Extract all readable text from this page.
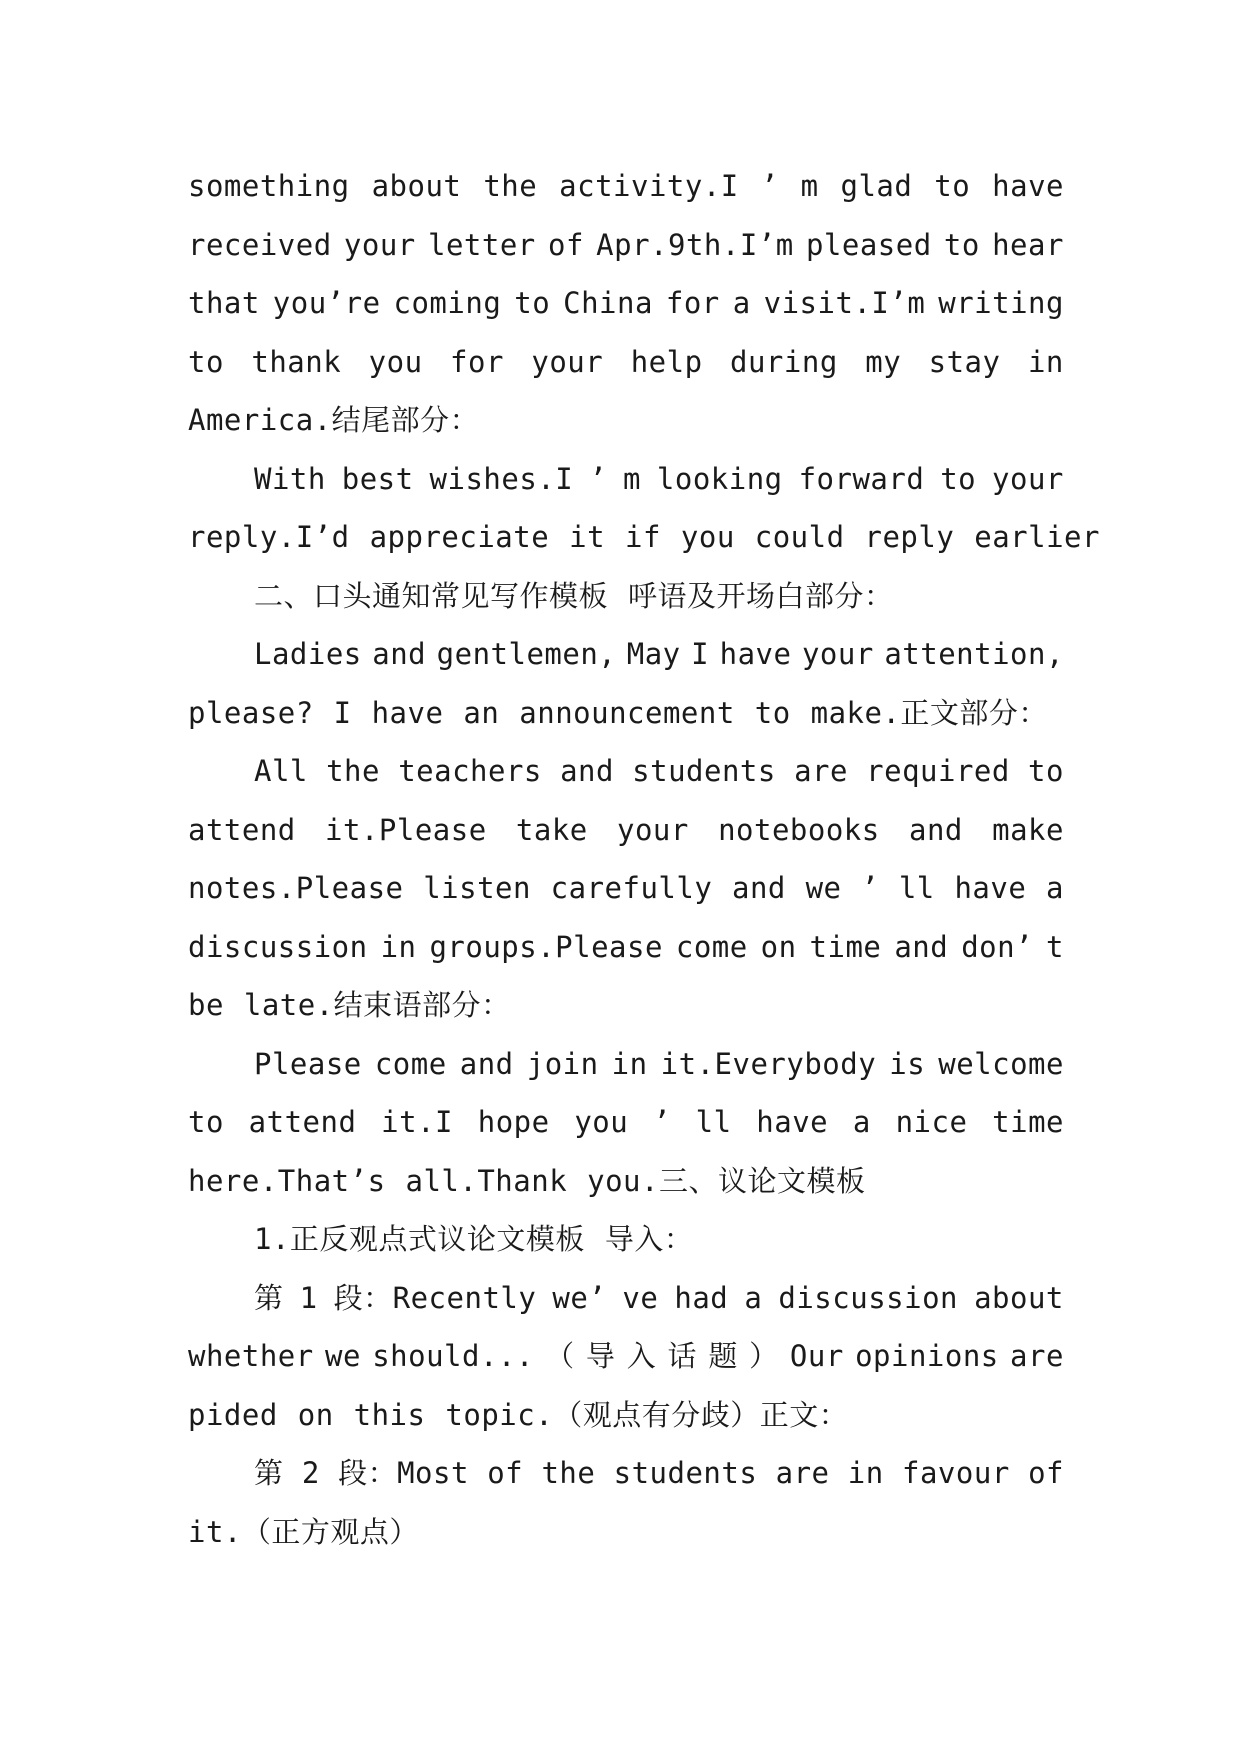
something about the activity.I ’ m glad to have
received your letter of Apr.9th.I’m pleased to hear
that you’re coming to China for a visit.I’m writing
to thank you for your help during my stay in
America.结尾部分：
With best wishes.I ’ m looking forward to your
reply.I’d appreciate it if you could reply earlier
二、口头通知常见写作模板 呼语及开场白部分：
Ladies and gentlemen, May I have your attention,
please? I have an announcement to make.正文部分：
All the teachers and students are required to
attend it.Please take your notebooks and make
notes.Please listen carefully and we ’ ll have a
discussion in groups.Please come on time and don’ t
be late.结束语部分：
Please come and join in it.Everybody is welcome
to attend it.I hope you ’ ll have a nice time
here.That’s all.Thank you.三、议论文模板
1.正反观点式议论文模板 导入：
第 1 段：Recently we’ ve had a discussion about
whether we should... （ 导 入 话 题 ） Our opinions are
pided on this topic.（观点有分歧）正文：
第 2 段：Most of the students are in favour of
it.（正方观点）
